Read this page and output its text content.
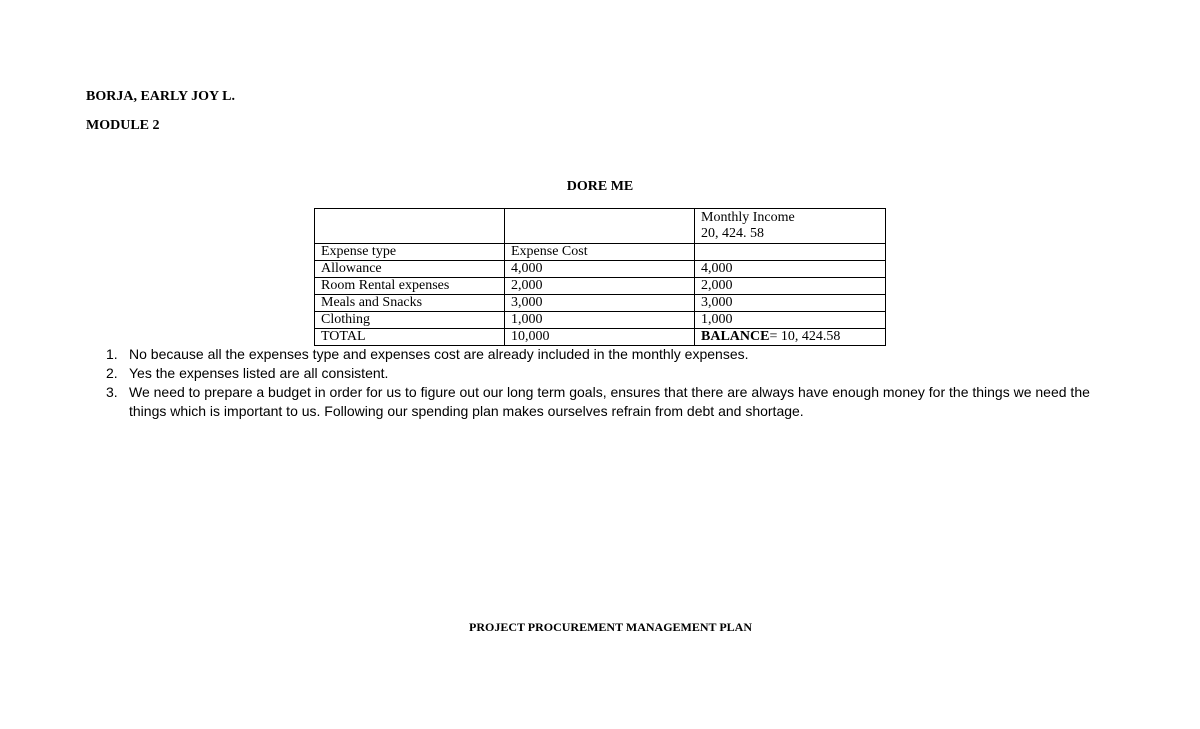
BORJA, EARLY JOY L.
MODULE 2
DORE ME

		Monthly Income
20, 424. 58

Expense type	Expense Cost	
Allowance	4,000	4,000
Room Rental expenses	2,000	2,000
Meals and Snacks	3,000	3,000
Clothing	1,000	1,000
TOTAL	10,000	BALANCE= 10, 424.58
1. No because all the expenses type and expenses cost are already included in the monthly expenses.
2. Yes the expenses listed are all consistent.
3. We need to prepare a budget in order for us to figure out our long term goals, ensures that there are always have enough money for the things we need the things which is important to us. Following our spending plan makes ourselves refrain from debt and shortage.
PROJECT PROCUREMENT MANAGEMENT PLAN
